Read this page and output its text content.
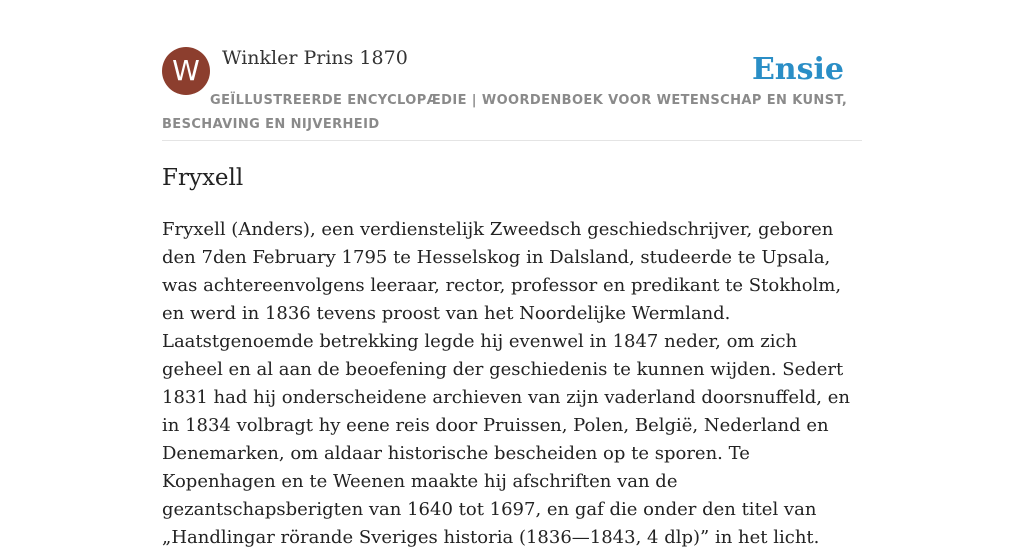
W	Winkler Prins 1870	Ensie
GEÏLLUSTREERDE ENCYCLOPÆDIE | WOORDENBOEK VOOR WETENSCHAP EN KUNST, BESCHAVING EN NIJVERHEID
Fryxell

Fryxell (Anders), een verdienstelijk Zweedsch geschiedschrijver, geboren den 7den February 1795 te Hesselskog in Dalsland, studeerde te Upsala, was achtereenvolgens leeraar, rector, professor en predikant te Stokholm, en werd in 1836 tevens proost van het Noordelijke Wermland. Laatstgenoemde betrekking legde hij evenwel in 1847 neder, om zich geheel en al aan de beoefening der geschiedenis te kunnen wijden. Sedert 1831 had hij onderscheidene archieven van zijn vaderland doorsnuffeld, en in 1834 volbragt hy eene reis door Pruissen, Polen, België, Nederland en Denemarken, om aldaar historische bescheiden op te sporen. Te Kopenhagen en te Weenen maakte hij afschriften van de gezantschapsberigten van 1640 tot 1697, en gaf die onder den titel van „Handlingar rörande Sveriges historia (1836—1843, 4 dlp)” in het licht.
